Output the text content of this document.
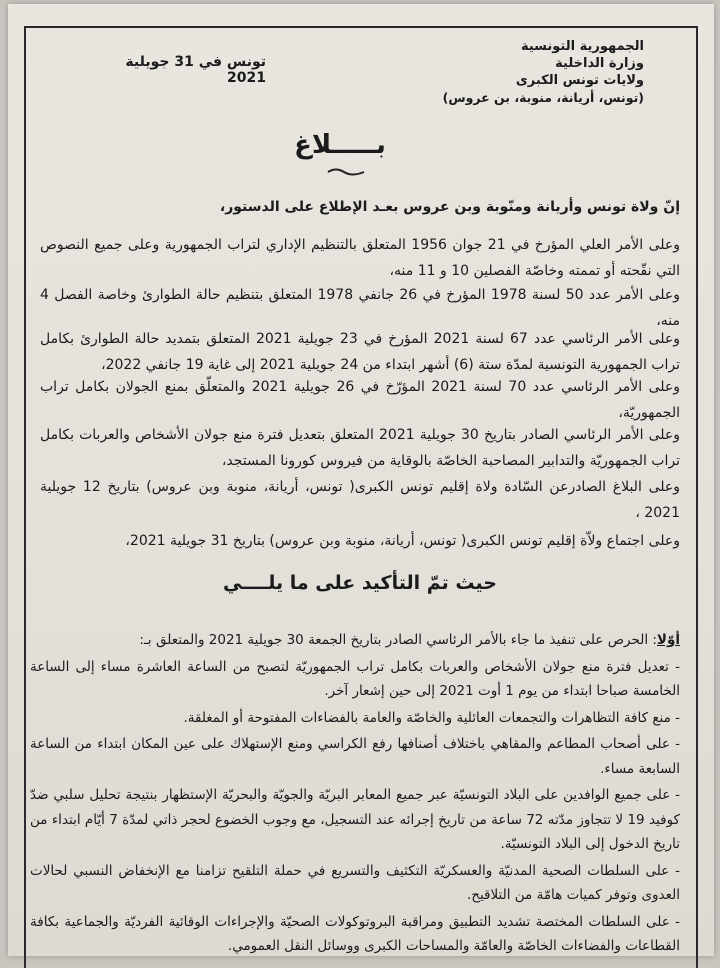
الجمهورية التونسية
وزارة الداخلية
ولايات تونس الكبرى
(تونس، أريانة، منوبة، بن عروس)
تونس في 31 جويلية 2021
بـــــلاغ
إنّ ولاة تونس وأريانة ومنّوبة وبن عروس بعـد الإطلاع على الدستور،
وعلى الأمر العلي المؤرخ في 21 جوان 1956 المتعلق بالتنظيم الإداري لتراب الجمهورية وعلى جميع النصوص التي نقّحته أو تممته وخاصّة الفصلين 10 و 11 منه،
وعلى الأمر عدد 50 لسنة 1978 المؤرخ في 26 جانفي 1978 المتعلق بتنظيم حالة الطوارئ وخاصة الفصل 4 منه،
وعلى الأمر الرئاسي عدد 67 لسنة 2021 المؤرخ في 23 جويلية 2021 المتعلق بتمديد حالة الطوارئ بكامل تراب الجمهورية التونسية لمدّة ستة (6) أشهر ابتداء من 24 جويلية 2021 إلى غاية 19 جانفي 2022،
وعلى الأمر الرئاسي عدد 70 لسنة 2021 المؤرّخ في 26 جويلية 2021 والمتعلّق بمنع الجولان بكامل تراب الجمهوريّة،
وعلى الأمر الرئاسي الصادر بتاريخ 30 جويلية 2021 المتعلق بتعديل فترة منع جولان الأشخاص والعربات بكامل تراب الجمهوريّة والتدابير المصاحبة الخاصّة بالوقاية من فيروس كورونا المستجد،
وعلى البلاغ الصادرعن السّادة ولاة إقليم تونس الكبرى( تونس، أريانة، منوبة وبن عروس) بتاريخ 12 جويلية 2021 ،
وعلى اجتماع ولاّة إقليم تونس الكبرى( تونس، أريانة، منوبة وبن عروس) بتاريخ 31 جويلية 2021،
حيث تمّ التأكيد على ما يلــــي
أوّلا: الحرص على تنفيذ ما جاء بالأمر الرئاسي الصادر بتاريخ الجمعة 30 جويلية 2021 والمتعلق بـ:
- تعديل فترة منع جولان الأشخاص والعربات بكامل تراب الجمهوريّة لتصبح من الساعة العاشرة مساء إلى الساعة الخامسة صباحا ابتداء من يوم 1 أوت 2021 إلى حين إشعار آخر.
- منع كافة التظاهرات والتجمعات العائلية والخاصّة والعامة بالفضاءات المفتوحة أو المغلقة.
- على أصحاب المطاعم والمقاهي باختلاف أصنافها رفع الكراسي ومنع الإستهلاك على عين المكان ابتداء من الساعة السابعة مساء.
- على جميع الوافدين على البلاد التونسيّة عبر جميع المعابر البريّة والجويّة والبحريّة الإستظهار بنتيجة تحليل سلبي ضدّ كوفيد 19 لا تتجاوز مدّته 72 ساعة من تاريخ إجرائه عند التسجيل، مع وجوب الخضوع لحجر ذاتي لمدّة 7 أيّام ابتداء من تاريخ الدخول إلى البلاد التونسيّة.
- على السلطات الصحية المدنيّة والعسكريّة التكثيف والتسريع في حملة التلقيح تزامنا مع الإنخفاض النسبي لحالات العدوى وتوفر كميات هامّة من التلاقيح.
- على السلطات المختصة تشديد التطبيق ومراقبة البروتوكولات الصحيّة والإجراءات الوقائية الفرديّة والجماعية بكافة القطاعات والفضاءات الخاصّة والعامّة والمساحات الكبرى ووسائل النقل العمومي.
